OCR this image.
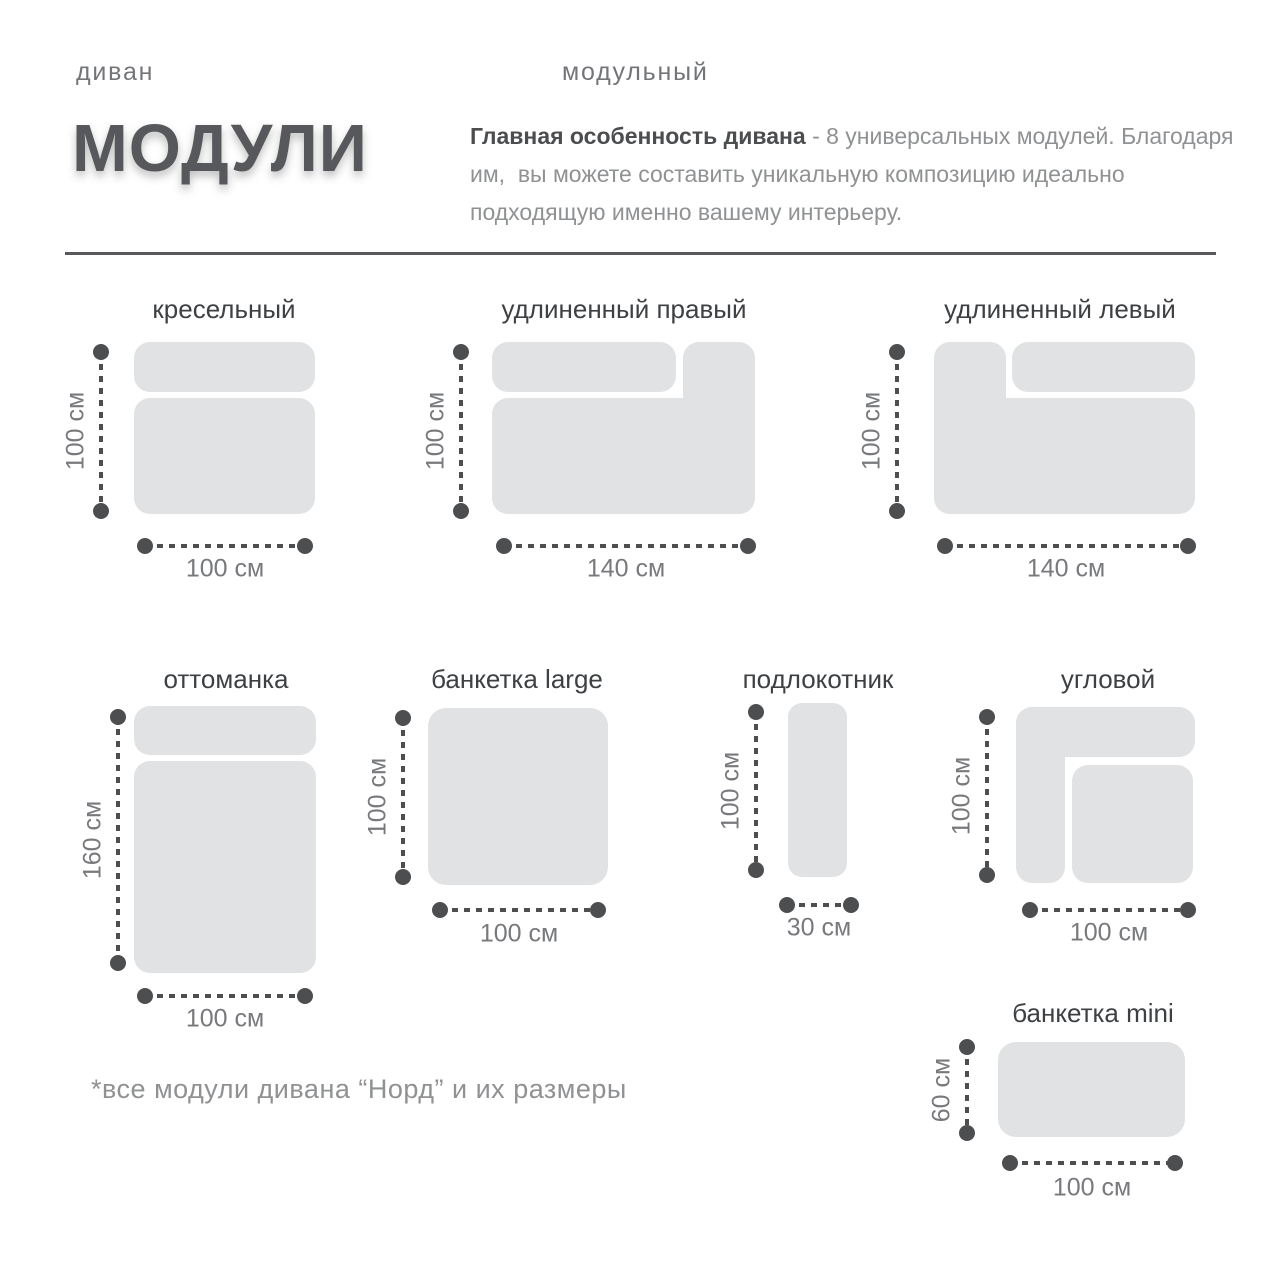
диван	модульный
МОДУЛИ	Главная особенность дивана - 8 универсальных модулей. Благодаря им,  вы можете составить уникальную композицию идеально подходящую именно вашему интерьеру.

кресельный
100 см
100 см
удлиненный правый
100 см
140 см
удлиненный левый
100 см
140 см
оттоманка
160 см
100 см
банкетка large
100 см
100 см
подлокотник
100 см
30 см
угловой
100 см
100 см
банкетка mini
60 см
100 см
*все модули дивана “Норд” и их размеры
